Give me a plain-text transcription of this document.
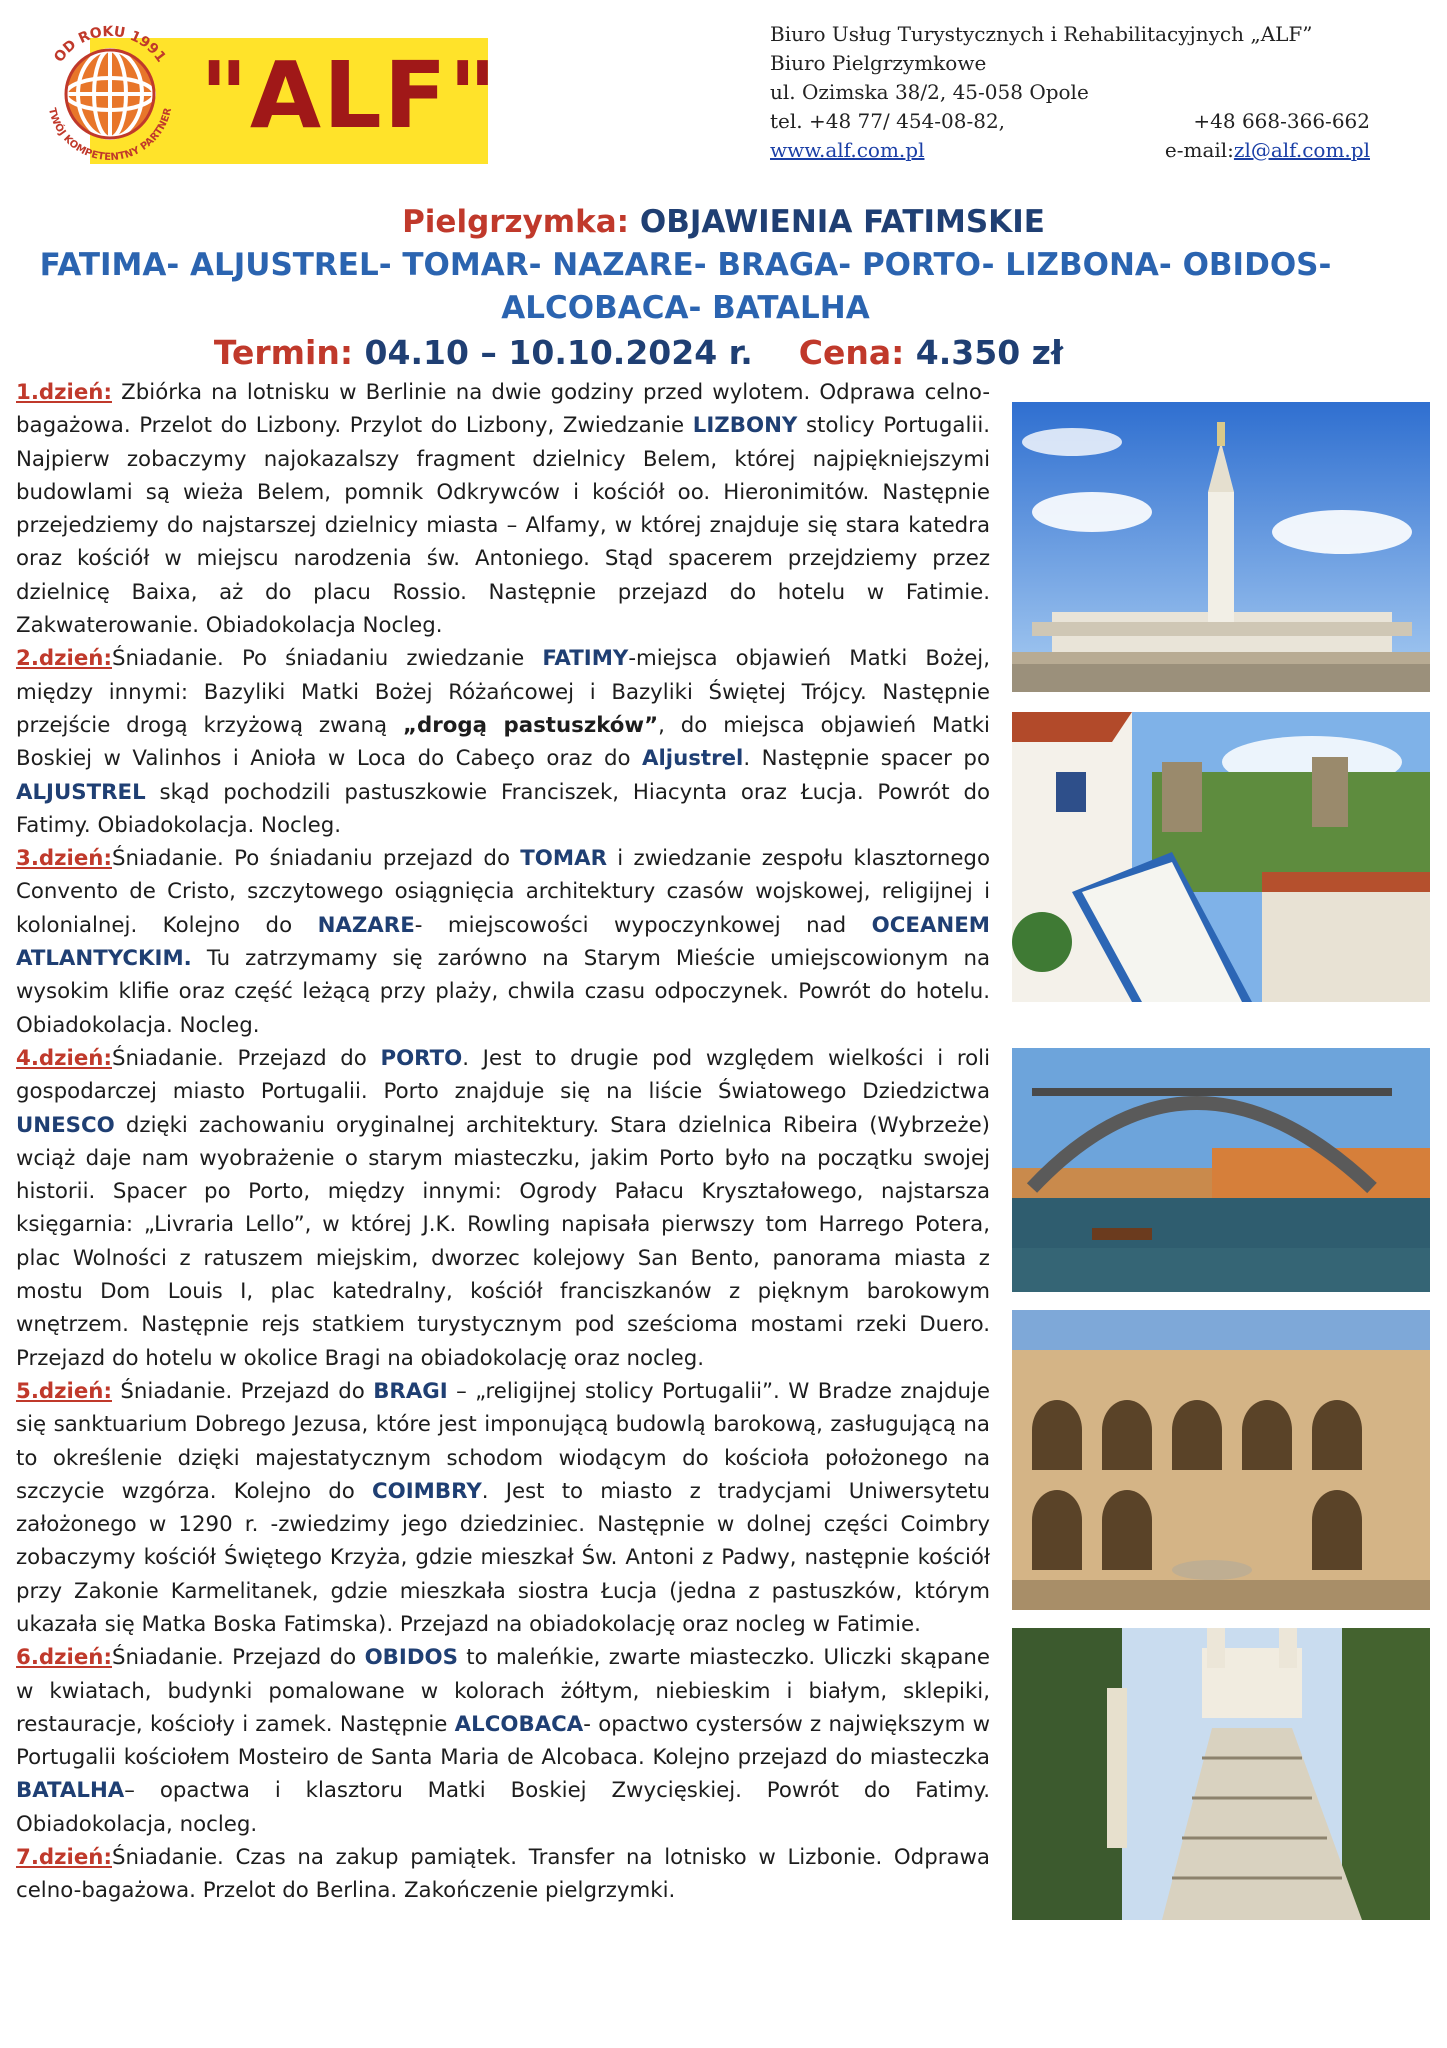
OD ROKU 1991
TWÓJ KOMPETENTNY PARTNER "ALF"
Biuro Usług Turystycznych i Rehabilitacyjnych „ALF”
Biuro Pielgrzymkowe
ul. Ozimska 38/2, 45-058 Opole
tel. +48 77/ 454-08-82,	+48 668-366-662
www.alf.com.pl	e-mail:zl@alf.com.pl
Pielgrzymka: OBJAWIENIA FATIMSKIE
FATIMA- ALJUSTREL- TOMAR- NAZARE- BRAGA- PORTO- LIZBONA- OBIDOS-
ALCOBACA- BATALHA
Termin: 04.10 – 10.10.2024 r. Cena: 4.350 zł

1.dzień: Zbiórka na lotnisku w Berlinie na dwie godziny przed wylotem. Odprawa celno-bagażowa. Przelot do Lizbony. Przylot do Lizbony, Zwiedzanie LIZBONY stolicy Portugalii. Najpierw zobaczymy najokazalszy fragment dzielnicy Belem, której najpiękniejszymi budowlami są wieża Belem, pomnik Odkrywców i kościół oo. Hieronimitów. Następnie przejedziemy do najstarszej dzielnicy miasta – Alfamy, w której znajduje się stara katedra oraz kościół w miejscu narodzenia św. Antoniego. Stąd spacerem przejdziemy przez dzielnicę Baixa, aż do placu Rossio. Następnie przejazd do hotelu w Fatimie. Zakwaterowanie. Obiadokolacja Nocleg.

2.dzień:Śniadanie. Po śniadaniu zwiedzanie FATIMY-miejsca objawień Matki Bożej, między innymi: Bazyliki Matki Bożej Różańcowej i Bazyliki Świętej Trójcy. Następnie przejście drogą krzyżową zwaną „drogą pastuszków”, do miejsca objawień Matki Boskiej w Valinhos i Anioła w Loca do Cabeço oraz do Aljustrel. Następnie spacer po ALJUSTREL skąd pochodzili pastuszkowie Franciszek, Hiacynta oraz Łucja. Powrót do Fatimy. Obiadokolacja. Nocleg.

3.dzień:Śniadanie. Po śniadaniu przejazd do TOMAR i zwiedzanie zespołu klasztornego Convento de Cristo, szczytowego osiągnięcia architektury czasów wojskowej, religijnej i kolonialnej. Kolejno do NAZARE- miejscowości wypoczynkowej nad OCEANEM ATLANTYCKIM. Tu zatrzymamy się zarówno na Starym Mieście umiejscowionym na wysokim klifie oraz część leżącą przy plaży, chwila czasu odpoczynek. Powrót do hotelu. Obiadokolacja. Nocleg.

4.dzień:Śniadanie. Przejazd do PORTO. Jest to drugie pod względem wielkości i roli gospodarczej miasto Portugalii. Porto znajduje się na liście Światowego Dziedzictwa UNESCO dzięki zachowaniu oryginalnej architektury. Stara dzielnica Ribeira (Wybrzeże) wciąż daje nam wyobrażenie o starym miasteczku, jakim Porto było na początku swojej historii. Spacer po Porto, między innymi: Ogrody Pałacu Kryształowego, najstarsza księgarnia: „Livraria Lello”, w której J.K. Rowling napisała pierwszy tom Harrego Potera, plac Wolności z ratuszem miejskim, dworzec kolejowy San Bento, panorama miasta z mostu Dom Louis I, plac katedralny, kościół franciszkanów z pięknym barokowym wnętrzem. Następnie rejs statkiem turystycznym pod sześcioma mostami rzeki Duero. Przejazd do hotelu w okolice Bragi na obiadokolację oraz nocleg.

5.dzień: Śniadanie. Przejazd do BRAGI – „religijnej stolicy Portugalii”. W Bradze znajduje się sanktuarium Dobrego Jezusa, które jest imponującą budowlą barokową, zasługującą na to określenie dzięki majestatycznym schodom wiodącym do kościoła położonego na szczycie wzgórza. Kolejno do COIMBRY. Jest to miasto z tradycjami Uniwersytetu założonego w 1290 r. -zwiedzimy jego dziedziniec. Następnie w dolnej części Coimbry zobaczymy kościół Świętego Krzyża, gdzie mieszkał Św. Antoni z Padwy, następnie kościół przy Zakonie Karmelitanek, gdzie mieszkała siostra Łucja (jedna z pastuszków, którym ukazała się Matka Boska Fatimska). Przejazd na obiadokolację oraz nocleg w Fatimie.

6.dzień:Śniadanie. Przejazd do OBIDOS to maleńkie, zwarte miasteczko. Uliczki skąpane w kwiatach, budynki pomalowane w kolorach żółtym, niebieskim i białym, sklepiki, restauracje, kościoły i zamek. Następnie ALCOBACA- opactwo cystersów z największym w Portugalii kościołem Mosteiro de Santa Maria de Alcobaca. Kolejno przejazd do miasteczka BATALHA– opactwa i klasztoru Matki Boskiej Zwycięskiej. Powrót do Fatimy. Obiadokolacja, nocleg.

7.dzień:Śniadanie. Czas na zakup pamiątek. Transfer na lotnisko w Lizbonie. Odprawa celno-bagażowa. Przelot do Berlina. Zakończenie pielgrzymki.
